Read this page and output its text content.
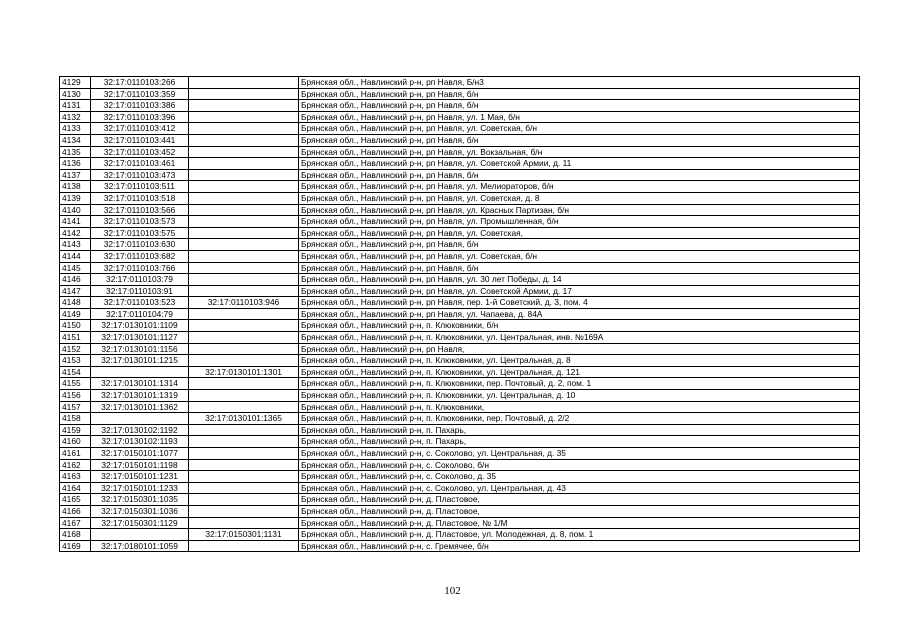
4129	32:17:0110103:266		Брянская обл., Навлинский р-н, рп Навля, Б/н3
4130	32:17:0110103:359		Брянская обл., Навлинский р-н, рп Навля, б/н
4131	32:17:0110103:386		Брянская обл., Навлинский р-н, рп Навля, б/н
4132	32:17:0110103:396		Брянская обл., Навлинский р-н, рп Навля, ул. 1 Мая, б/н
4133	32:17:0110103:412		Брянская обл., Навлинский р-н, рп Навля, ул. Советская, б/н
4134	32:17:0110103:441		Брянская обл., Навлинский р-н, рп Навля, б/н
4135	32:17:0110103:452		Брянская обл., Навлинский р-н, рп Навля, ул. Вокзальная, б/н
4136	32:17:0110103:461		Брянская обл., Навлинский р-н, рп Навля, ул. Советской Армии, д. 11
4137	32:17:0110103:473		Брянская обл., Навлинский р-н, рп Навля, б/н
4138	32:17:0110103:511		Брянская обл., Навлинский р-н, рп Навля, ул. Мелиораторов, б/н
4139	32:17:0110103:518		Брянская обл., Навлинский р-н, рп Навля, ул. Советская, д. 8
4140	32:17:0110103:566		Брянская обл., Навлинский р-н, рп Навля, ул. Красных Партизан, б/н
4141	32:17:0110103:573		Брянская обл., Навлинский р-н, рп Навля, ул. Промышленная, б/н
4142	32:17:0110103:575		Брянская обл., Навлинский р-н, рп Навля, ул. Советская,
4143	32:17:0110103:630		Брянская обл., Навлинский р-н, рп Навля, б/н
4144	32:17:0110103:682		Брянская обл., Навлинский р-н, рп Навля, ул. Советская, б/н
4145	32:17:0110103:766		Брянская обл., Навлинский р-н, рп Навля, б/н
4146	32:17:0110103:79		Брянская обл., Навлинский р-н, рп Навля, ул. 30 лет Победы, д. 14
4147	32:17:0110103:91		Брянская обл., Навлинский р-н, рп Навля, ул. Советской Армии, д. 17
4148	32:17:0110103:523	32:17:0110103:946	Брянская обл., Навлинский р-н, рп Навля, пер. 1-й Советский, д. 3, пом. 4
4149	32:17:0110104:79		Брянская обл., Навлинский р-н, рп Навля, ул. Чапаева, д. 84А
4150	32:17:0130101:1109		Брянская обл., Навлинский р-н, п. Клюковники, б/н
4151	32:17:0130101:1127		Брянская обл., Навлинский р-н, п. Клюковники, ул. Центральная, инв. №169А
4152	32:17:0130101:1156		Брянская обл., Навлинский р-н, рп Навля,
4153	32:17:0130101:1215		Брянская обл., Навлинский р-н, п. Клюковники, ул. Центральная, д. 8
4154		32:17:0130101:1301	Брянская обл., Навлинский р-н, п. Клюковники, ул. Центральная, д. 121
4155	32:17:0130101:1314		Брянская обл., Навлинский р-н, п. Клюковники, пер. Почтовый, д. 2, пом. 1
4156	32:17:0130101:1319		Брянская обл., Навлинский р-н, п. Клюковники, ул. Центральная, д. 10
4157	32:17:0130101:1362		Брянская обл., Навлинский р-н, п. Клюковники,
4158		32:17:0130101:1365	Брянская обл., Навлинский р-н, п. Клюковники, пер. Почтовый, д. 2/2
4159	32:17:0130102:1192		Брянская обл., Навлинский р-н, п. Пахарь,
4160	32:17:0130102:1193		Брянская обл., Навлинский р-н, п. Пахарь,
4161	32:17:0150101:1077		Брянская обл., Навлинский р-н, с. Соколово, ул. Центральная, д. 35
4162	32:17:0150101:1198		Брянская обл., Навлинский р-н, с. Соколово, б/н
4163	32:17:0150101:1231		Брянская обл., Навлинский р-н, с. Соколово, д. 35
4164	32:17:0150101:1233		Брянская обл., Навлинский р-н, с. Соколово, ул. Центральная, д. 43
4165	32:17:0150301:1035		Брянская обл., Навлинский р-н, д. Пластовое,
4166	32:17:0150301:1036		Брянская обл., Навлинский р-н, д. Пластовое,
4167	32:17:0150301:1129		Брянская обл., Навлинский р-н, д. Пластовое, № 1/М
4168		32:17:0150301:1131	Брянская обл., Навлинский р-н, д. Пластовое, ул. Молодежная, д. 8, пом. 1
4169	32:17:0180101:1059		Брянская обл., Навлинский р-н, с. Гремячее, б/н
102
